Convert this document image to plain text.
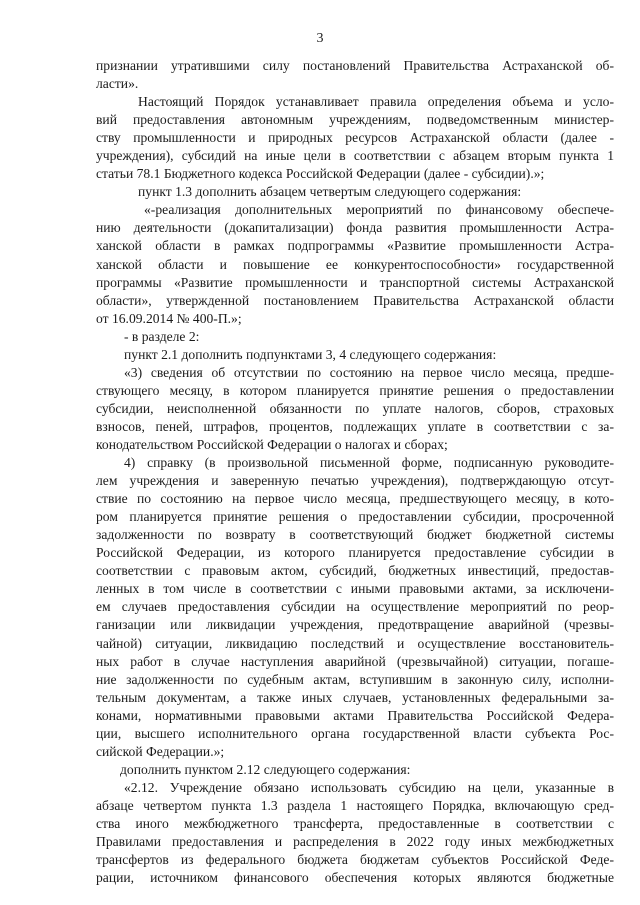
3
признании утратившими силу постановлений Правительства Астраханской об-
ласти».
Настоящий Порядок устанавливает правила определения объема и усло-
вий предоставления автономным учреждениям, подведомственным министер-
ству промышленности и природных ресурсов Астраханской области (далее -
учреждения), субсидий на иные цели в соответствии с абзацем вторым пункта 1
статьи 78.1 Бюджетного кодекса Российской Федерации (далее - субсидии).»;
пункт 1.3 дополнить абзацем четвертым следующего содержания:
«-реализация дополнительных мероприятий по финансовому обеспече-
нию деятельности (докапитализации) фонда развития промышленности Астра-
ханской области в рамках подпрограммы «Развитие промышленности Астра-
ханской области и повышение ее конкурентоспособности» государственной
программы «Развитие промышленности и транспортной системы Астраханской
области», утвержденной постановлением Правительства Астраханской области
от 16.09.2014 № 400-П.»;
- в разделе 2:
пункт 2.1 дополнить подпунктами 3, 4 следующего содержания:
«3) сведения об отсутствии по состоянию на первое число месяца, предше-
ствующего месяцу, в котором планируется принятие решения о предоставлении
субсидии, неисполненной обязанности по уплате налогов, сборов, страховых
взносов, пеней, штрафов, процентов, подлежащих уплате в соответствии с за-
конодательством Российской Федерации о налогах и сборах;
4) справку (в произвольной письменной форме, подписанную руководите-
лем учреждения и заверенную печатью учреждения), подтверждающую отсут-
ствие по состоянию на первое число месяца, предшествующего месяцу, в кото-
ром планируется принятие решения о предоставлении субсидии, просроченной
задолженности по возврату в соответствующий бюджет бюджетной системы
Российской Федерации, из которого планируется предоставление субсидии в
соответствии с правовым актом, субсидий, бюджетных инвестиций, предостав-
ленных в том числе в соответствии с иными правовыми актами, за исключени-
ем случаев предоставления субсидии на осуществление мероприятий по реор-
ганизации или ликвидации учреждения, предотвращение аварийной (чрезвы-
чайной) ситуации, ликвидацию последствий и осуществление восстановитель-
ных работ в случае наступления аварийной (чрезвычайной) ситуации, погаше-
ние задолженности по судебным актам, вступившим в законную силу, исполни-
тельным документам, а также иных случаев, установленных федеральными за-
конами, нормативными правовыми актами Правительства Российской Федера-
ции, высшего исполнительного органа государственной власти субъекта Рос-
сийской Федерации.»;
дополнить пунктом 2.12 следующего содержания:
«2.12. Учреждение обязано использовать субсидию на цели, указанные в
абзаце четвертом пункта 1.3 раздела 1 настоящего Порядка, включающую сред-
ства иного межбюджетного трансферта, предоставленные в соответствии с
Правилами предоставления и распределения в 2022 году иных межбюджетных
трансфертов из федерального бюджета бюджетам субъектов Российской Феде-
рации, источником финансового обеспечения которых являются бюджетные
